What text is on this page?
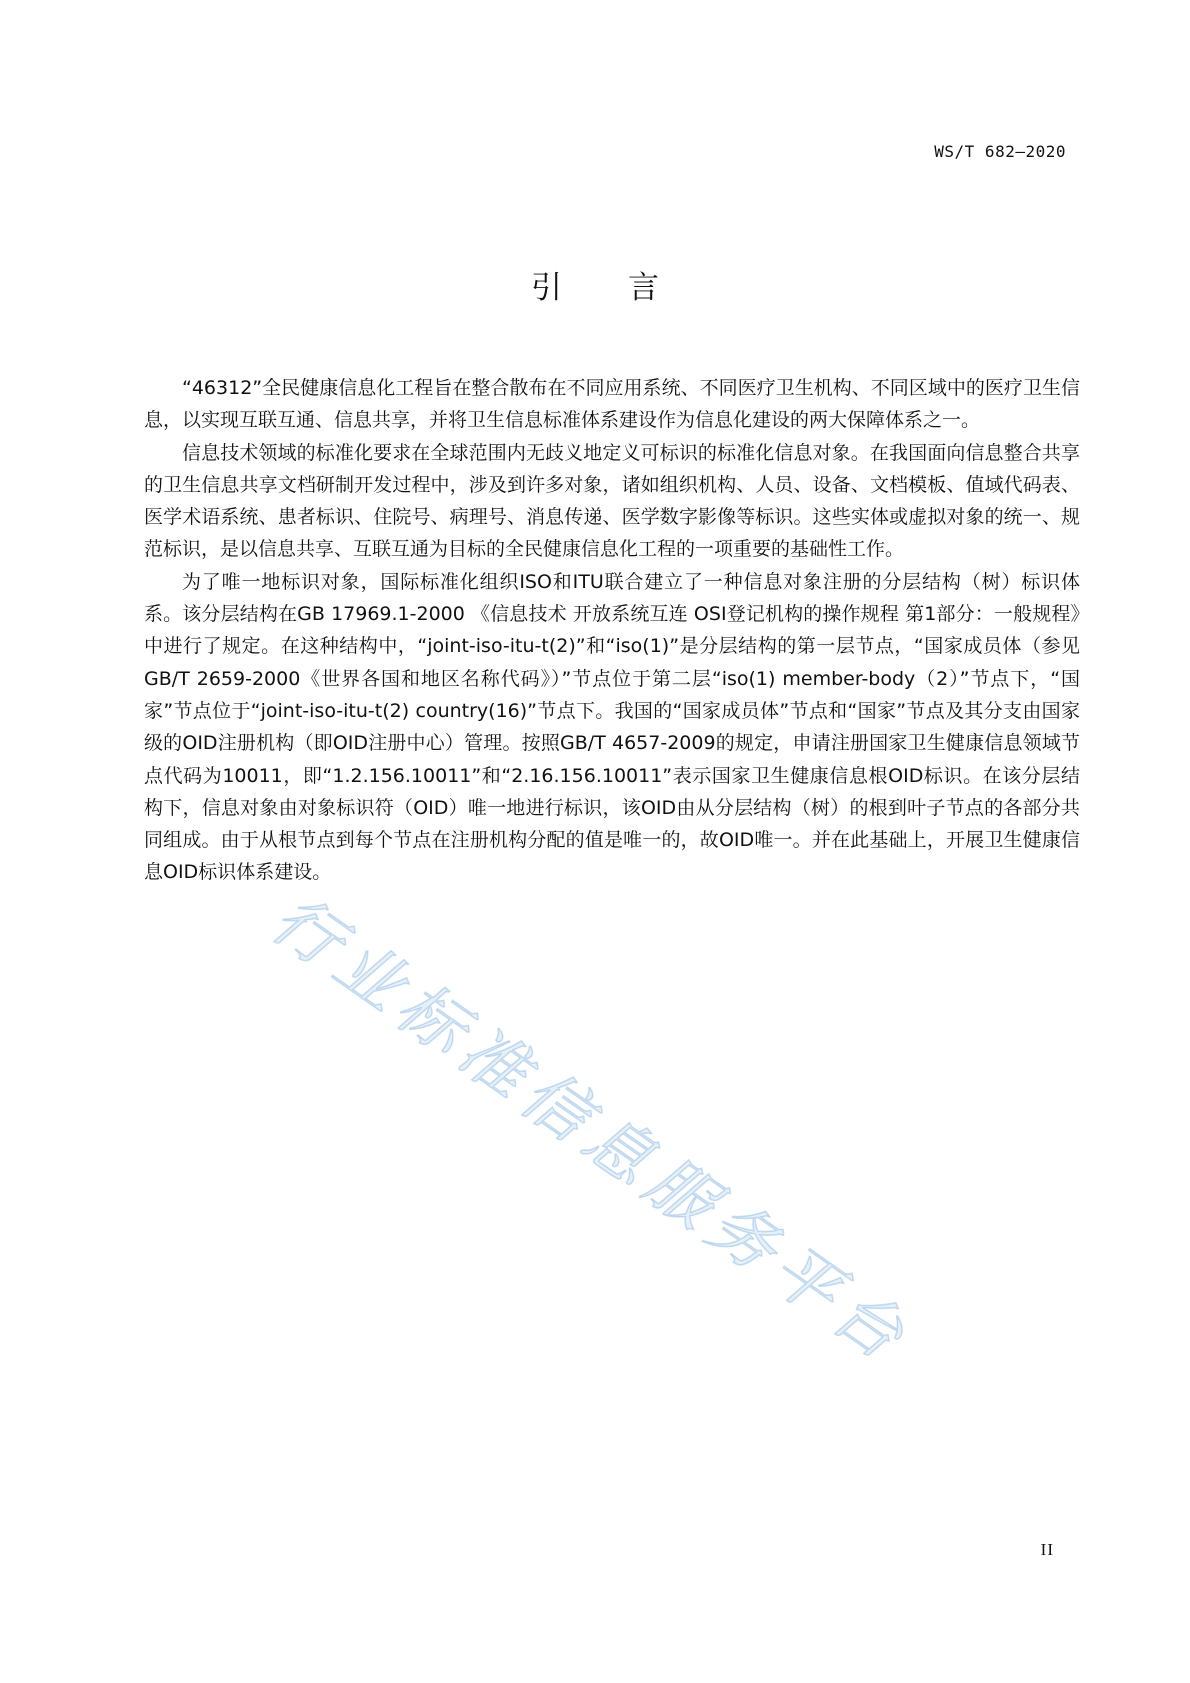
WS/T 682—2020
引言

“46312”全民健康信息化工程旨在整合散布在不同应用系统、不同医疗卫生机构、不同区域中的医疗卫生信息，以实现互联互通、信息共享，并将卫生信息标准体系建设作为信息化建设的两大保障体系之一。

信息技术领域的标准化要求在全球范围内无歧义地定义可标识的标准化信息对象。在我国面向信息整合共享的卫生信息共享文档研制开发过程中，涉及到许多对象，诸如组织机构、人员、设备、文档模板、值域代码表、医学术语系统、患者标识、住院号、病理号、消息传递、医学数字影像等标识。这些实体或虚拟对象的统一、规范标识，是以信息共享、互联互通为目标的全民健康信息化工程的一项重要的基础性工作。

为了唯一地标识对象，国际标准化组织ISO和ITU联合建立了一种信息对象注册的分层结构（树）标识体系。该分层结构在GB 17969.1-2000 《信息技术 开放系统互连 OSI登记机构的操作规程 第1部分：一般规程》中进行了规定。在这种结构中，“joint-iso-itu-t(2)”和“iso(1)”是分层结构的第一层节点，“国家成员体（参见GB/T 2659-2000《世界各国和地区名称代码》）”节点位于第二层“iso(1) member-body（2）”节点下，“国家”节点位于“joint-iso-itu-t(2) country(16)”节点下。我国的“国家成员体”节点和“国家”节点及其分支由国家级的OID注册机构（即OID注册中心）管理。按照GB/T 4657-2009的规定，申请注册国家卫生健康信息领域节点代码为10011，即“1.2.156.10011”和“2.16.156.10011”表示国家卫生健康信息根OID标识。在该分层结构下，信息对象由对象标识符（OID）唯一地进行标识，该OID由从分层结构（树）的根到叶子节点的各部分共同组成。由于从根节点到每个节点在注册机构分配的值是唯一的，故OID唯一。并在此基础上，开展卫生健康信息OID标识体系建设。

行业标准信息服务平台
II
